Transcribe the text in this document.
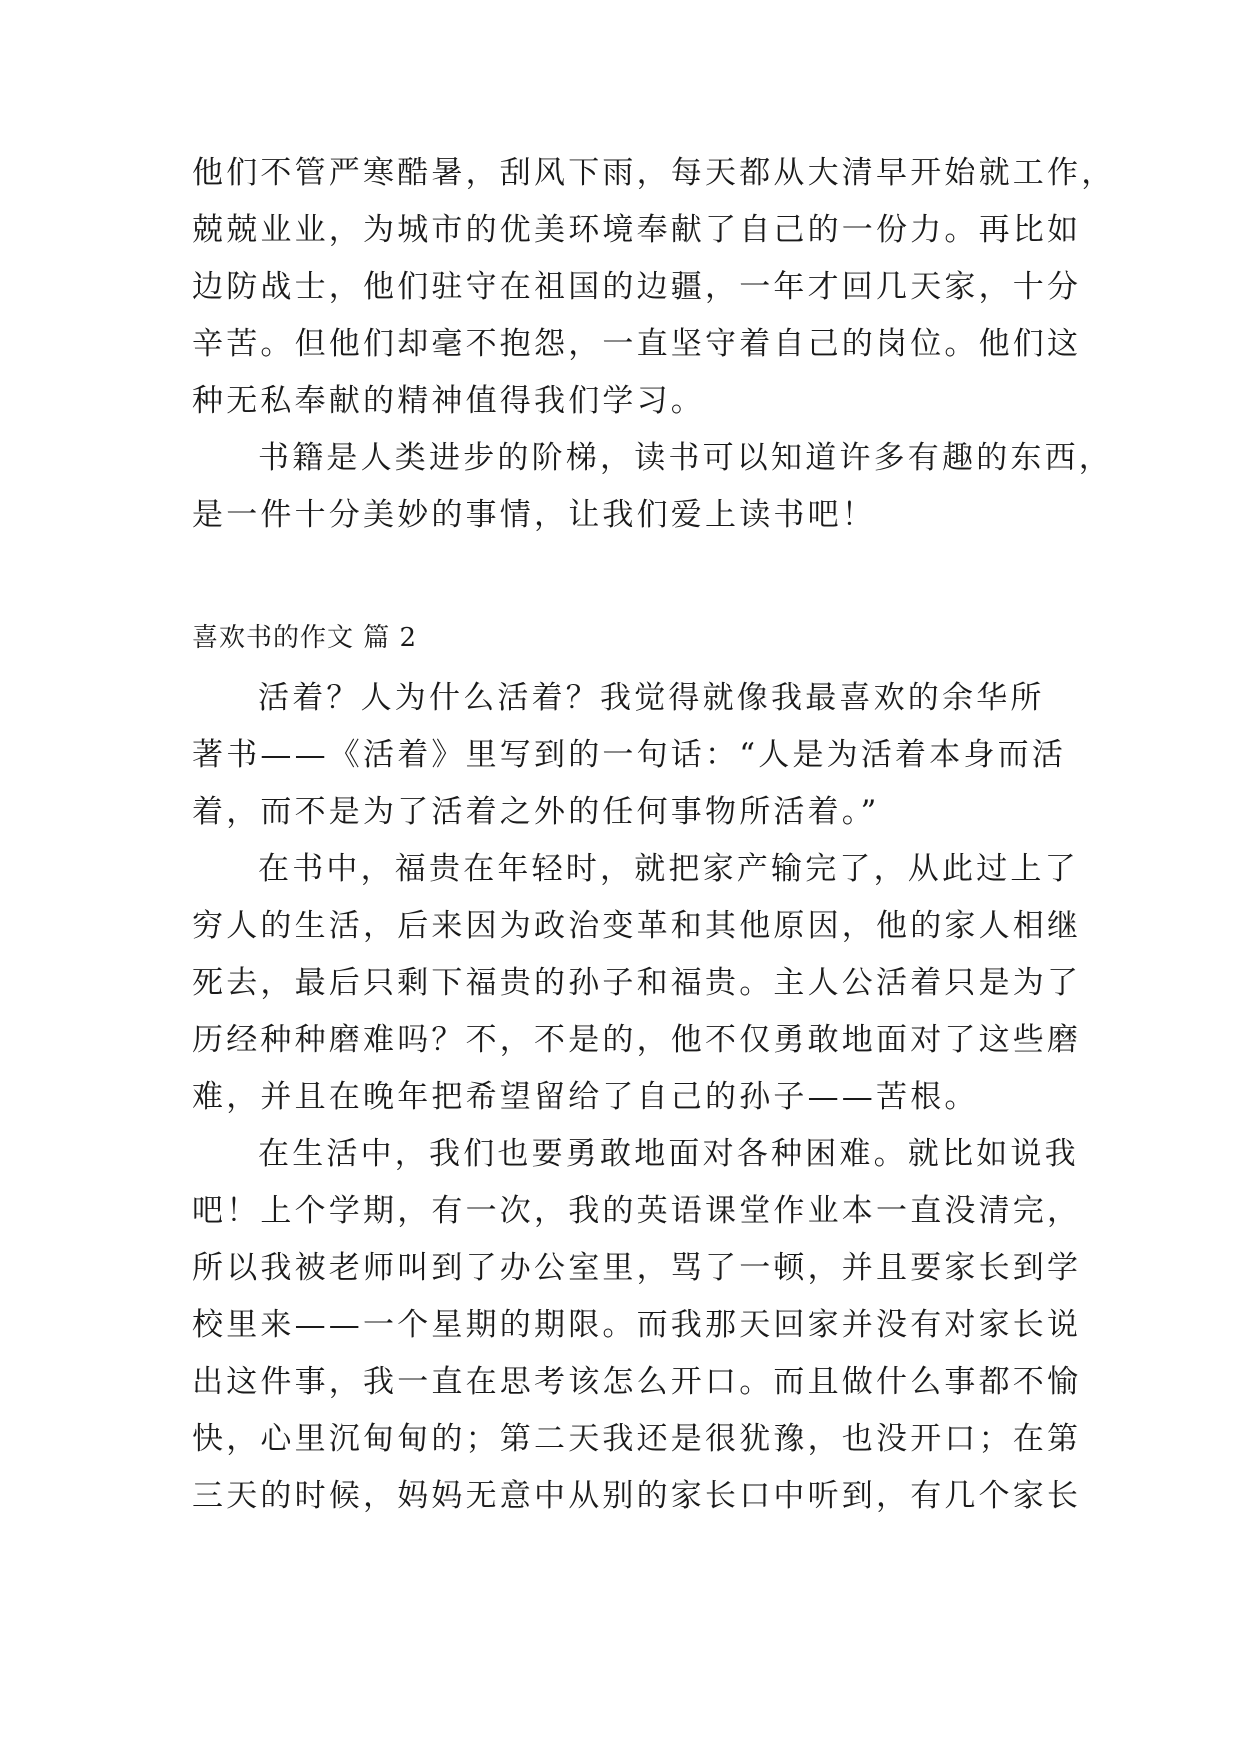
他们不管严寒酷暑，刮风下雨，每天都从大清早开始就工作，
兢兢业业，为城市的优美环境奉献了自己的一份力。再比如
边防战士，他们驻守在祖国的边疆，一年才回几天家，十分
辛苦。但他们却毫不抱怨，一直坚守着自己的岗位。他们这
种无私奉献的精神值得我们学习。
书籍是人类进步的阶梯，读书可以知道许多有趣的东西，
是一件十分美妙的事情，让我们爱上读书吧！
喜欢书的作文 篇 2
活着？人为什么活着？我觉得就像我最喜欢的余华所
著书——《活着》里写到的一句话：“人是为活着本身而活
着，而不是为了活着之外的任何事物所活着。”
在书中，福贵在年轻时，就把家产输完了，从此过上了
穷人的生活，后来因为政治变革和其他原因，他的家人相继
死去，最后只剩下福贵的孙子和福贵。主人公活着只是为了
历经种种磨难吗？不，不是的，他不仅勇敢地面对了这些磨
难，并且在晚年把希望留给了自己的孙子——苦根。
在生活中，我们也要勇敢地面对各种困难。就比如说我
吧！上个学期，有一次，我的英语课堂作业本一直没清完，
所以我被老师叫到了办公室里，骂了一顿，并且要家长到学
校里来——一个星期的期限。而我那天回家并没有对家长说
出这件事，我一直在思考该怎么开口。而且做什么事都不愉
快，心里沉甸甸的；第二天我还是很犹豫，也没开口；在第
三天的时候，妈妈无意中从别的家长口中听到，有几个家长
